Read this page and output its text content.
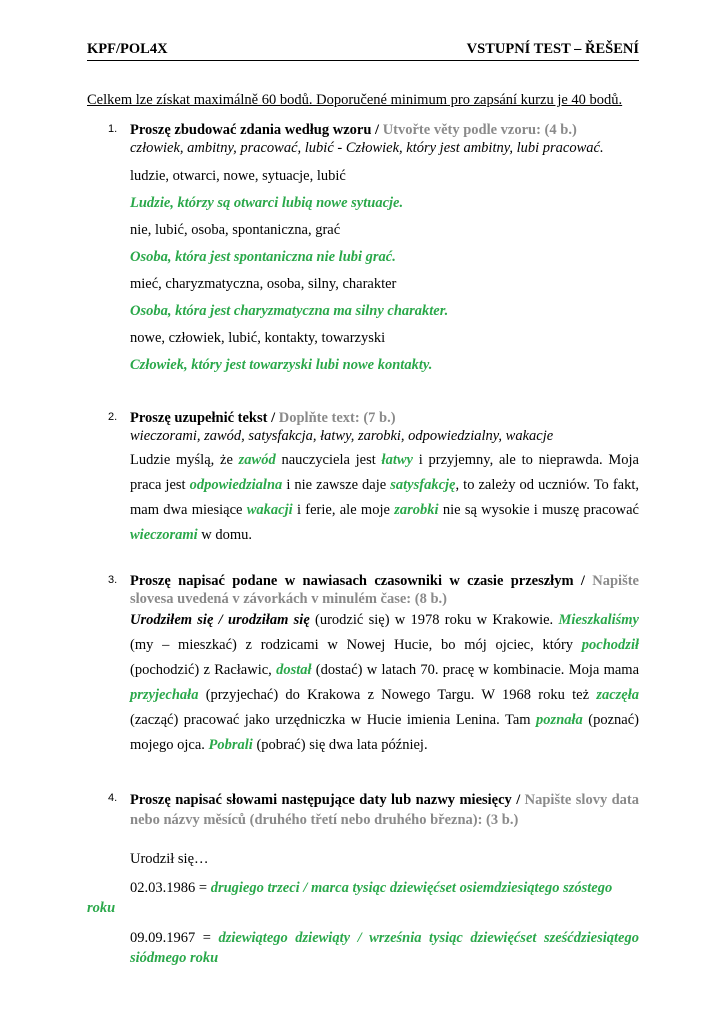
KPF/POL4X	VSTUPNÍ TEST – ŘEŠENÍ
Celkem lze získat maximálně 60 bodů. Doporučené minimum pro zapsání kurzu je 40 bodů.
1. Proszę zbudować zdania według wzoru / Utvořte věty podle vzoru: (4 b.)
człowiek, ambitny, pracować, lubić - Człowiek, który jest ambitny, lubi pracować.
ludzie, otwarci, nowe, sytuacje, lubić
Ludzie, którzy są otwarci lubią nowe sytuacje.
nie, lubić, osoba, spontaniczna, grać
Osoba, która jest spontaniczna nie lubi grać.
mieć, charyzmatyczna, osoba, silny, charakter
Osoba, która jest charyzmatyczna ma silny charakter.
nowe, człowiek, lubić, kontakty, towarzyski
Człowiek, który jest towarzyski lubi nowe kontakty.
2. Proszę uzupełnić tekst / Doplňte text: (7 b.)
wieczorami, zawód, satysfakcja, łatwy, zarobki, odpowiedzialny, wakacje
Ludzie myślą, że zawód nauczyciela jest łatwy i przyjemny, ale to nieprawda. Moja praca jest odpowiedzialna i nie zawsze daje satysfakcję, to zależy od uczniów. To fakt, mam dwa miesiące wakacji i ferie, ale moje zarobki nie są wysokie i muszę pracować wieczorami w domu.
3. Proszę napisać podane w nawiasach czasowniki w czasie przeszłym / Napište slovesa uvedená v závorkách v minulém čase: (8 b.)
Urodziłem się / urodziłam się (urodzić się) w 1978 roku w Krakowie. Mieszkaliśmy (my – mieszkać) z rodzicami w Nowej Hucie, bo mój ojciec, który pochodził (pochodzić) z Racławic, dostał (dostać) w latach 70. pracę w kombinacie. Moja mama przyjechała (przyjechać) do Krakowa z Nowego Targu. W 1968 roku też zaczęła (zacząć) pracować jako urzędniczka w Hucie imienia Lenina. Tam poznała (poznać) mojego ojca. Pobrali (pobrać) się dwa lata później.
4. Proszę napisać słowami następujące daty lub nazwy miesięcy / Napište slovy data nebo názvy měsíců (druhého třetí nebo druhého března): (3 b.)
Urodził się…
02.03.1986 = drugiego trzeci / marca tysiąc dziewięćset osiemdziesiątego szóstego
roku
09.09.1967 = dziewiątego dziewiąty / września tysiąc dziewięćset sześćdziesiątego siódmego roku
